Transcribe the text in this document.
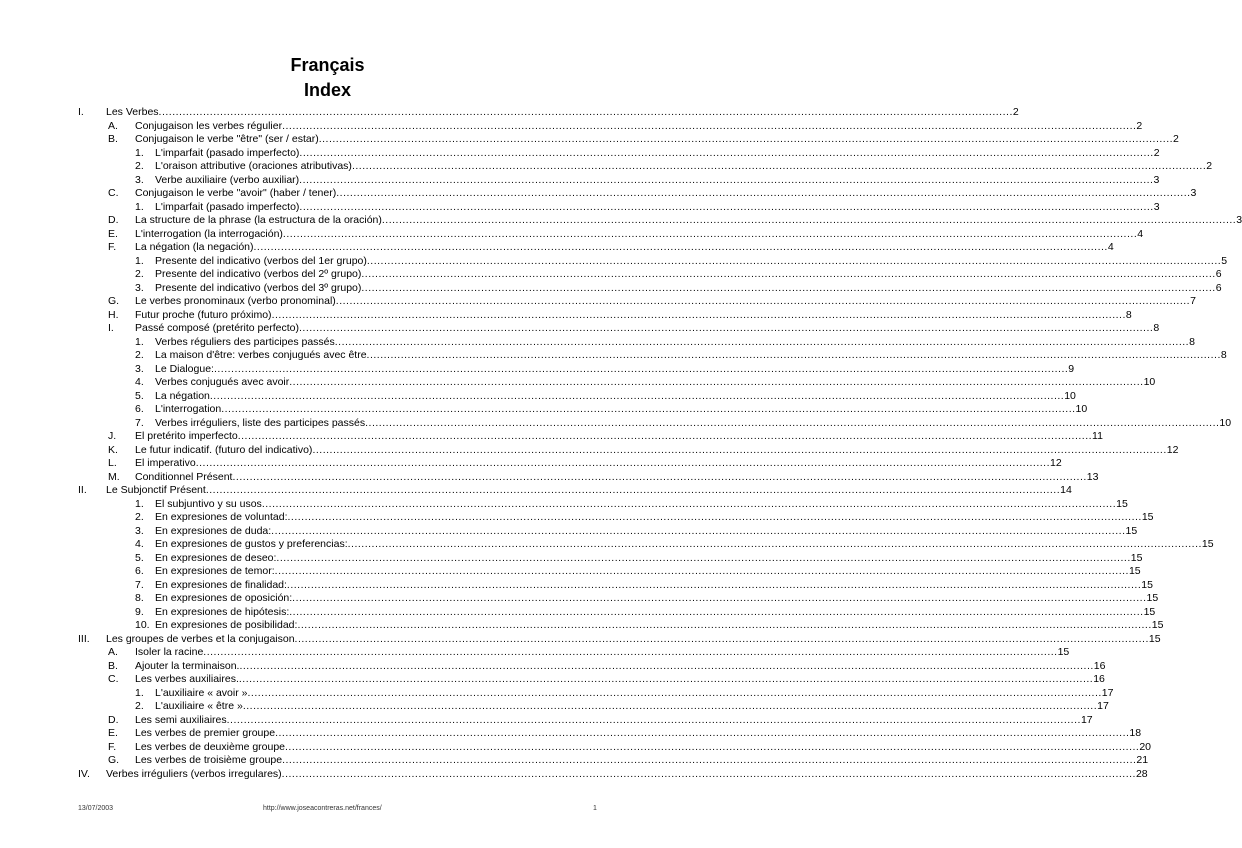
Français
Index
I. Les Verbes .......................................................................................................................................................................................................................................................... 2
A. Conjugaison les verbes régulier .......................................................................................................................................................................................................................................................... 2
B. Conjugaison le verbe "être" (ser / estar) .......................................................................................................................................................................................................................................................... 2
1. L'imparfait (pasado imperfecto) .......................................................................................................................................................................................................................................................... 2
2. L'oraison attributive (oraciones atributivas) .......................................................................................................................................................................................................................................................... 2
3. Verbe auxiliaire (verbo auxiliar) .......................................................................................................................................................................................................................................................... 3
C. Conjugaison le verbe "avoir" (haber / tener) .......................................................................................................................................................................................................................................................... 3
1. L'imparfait (pasado imperfecto) .......................................................................................................................................................................................................................................................... 3
D. La structure de la phrase (la estructura de la oración) .......................................................................................................................................................................................................................................................... 3
E. L'interrogation (la interrogación) .......................................................................................................................................................................................................................................................... 4
F. La négation (la negación) .......................................................................................................................................................................................................................................................... 4
1. Presente del indicativo (verbos del 1er grupo) .......................................................................................................................................................................................................................................................... 5
2. Presente del indicativo (verbos del 2º grupo) .......................................................................................................................................................................................................................................................... 6
3. Presente del indicativo (verbos del 3º grupo) .......................................................................................................................................................................................................................................................... 6
G. Le verbes pronominaux (verbo pronominal) .......................................................................................................................................................................................................................................................... 7
H. Futur proche (futuro próximo) .......................................................................................................................................................................................................................................................... 8
I. Passé composé (pretérito perfecto) .......................................................................................................................................................................................................................................................... 8
1. Verbes réguliers des participes passés .......................................................................................................................................................................................................................................................... 8
2. La maison d'être: verbes conjugués avec être .......................................................................................................................................................................................................................................................... 8
3. Le Dialogue: .......................................................................................................................................................................................................................................................... 9
4. Verbes conjugués avec avoir .......................................................................................................................................................................................................................................................... 10
5. La négation .......................................................................................................................................................................................................................................................... 10
6. L'interrogation .......................................................................................................................................................................................................................................................... 10
7. Verbes irréguliers, liste des participes passés .......................................................................................................................................................................................................................................................... 10
J. El pretérito imperfecto .......................................................................................................................................................................................................................................................... 11
K. Le futur indicatif. (futuro del indicativo) .......................................................................................................................................................................................................................................................... 12
L. El imperativo .......................................................................................................................................................................................................................................................... 12
M. Conditionnel Présent .......................................................................................................................................................................................................................................................... 13
II. Le Subjonctif Présent .......................................................................................................................................................................................................................................................... 14
1. El subjuntivo y su usos .......................................................................................................................................................................................................................................................... 15
2. En expresiones de voluntad: .......................................................................................................................................................................................................................................................... 15
3. En expresiones de duda: .......................................................................................................................................................................................................................................................... 15
4. En expresiones de gustos y preferencias: .......................................................................................................................................................................................................................................................... 15
5. En expresiones de deseo: .......................................................................................................................................................................................................................................................... 15
6. En expresiones de temor: .......................................................................................................................................................................................................................................................... 15
7. En expresiones de finalidad: .......................................................................................................................................................................................................................................................... 15
8. En expresiones de oposición: .......................................................................................................................................................................................................................................................... 15
9. En expresiones de hipótesis: .......................................................................................................................................................................................................................................................... 15
10. En expresiones de posibilidad: .......................................................................................................................................................................................................................................................... 15
III. Les groupes de verbes et la conjugaison .......................................................................................................................................................................................................................................................... 15
A. Isoler la racine .......................................................................................................................................................................................................................................................... 15
B. Ajouter la terminaison. .......................................................................................................................................................................................................................................................... 16
C. Les verbes auxiliaires. .......................................................................................................................................................................................................................................................... 16
1. L'auxiliaire « avoir » .......................................................................................................................................................................................................................................................... 17
2. L'auxiliaire « être » .......................................................................................................................................................................................................................................................... 17
D. Les semi auxiliaires .......................................................................................................................................................................................................................................................... 17
E. Les verbes de premier groupe .......................................................................................................................................................................................................................................................... 18
F. Les verbes de deuxième groupe .......................................................................................................................................................................................................................................................... 20
G. Les verbes de troisième groupe .......................................................................................................................................................................................................................................................... 21
IV. Verbes irréguliers (verbos irregulares) .......................................................................................................................................................................................................................................................... 28
13/07/2003	http://www.joseacontreras.net/frances/	1
